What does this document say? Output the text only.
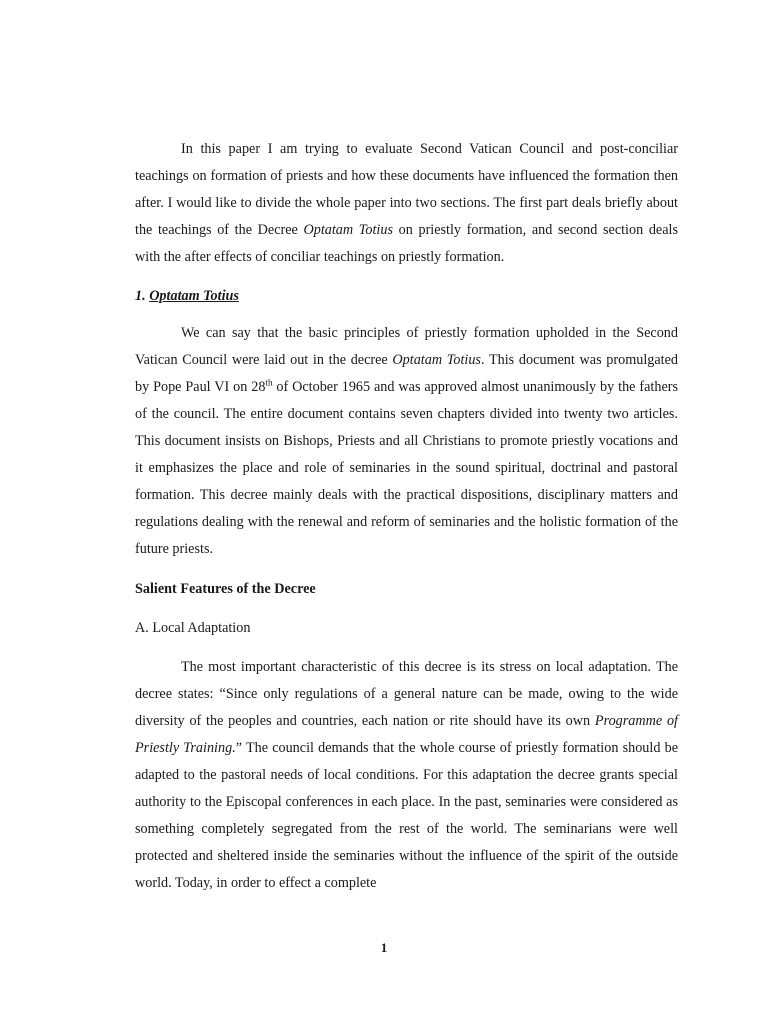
In this paper I am trying to evaluate Second Vatican Council and post-conciliar teachings on formation of priests and how these documents have influenced the formation then after. I would like to divide the whole paper into two sections. The first part deals briefly about the teachings of the Decree Optatam Totius on priestly formation, and second section deals with the after effects of conciliar teachings on priestly formation.

1. Optatam Totius

We can say that the basic principles of priestly formation upholded in the Second Vatican Council were laid out in the decree Optatam Totius. This document was promulgated by Pope Paul VI on 28th of October 1965 and was approved almost unanimously by the fathers of the council. The entire document contains seven chapters divided into twenty two articles. This document insists on Bishops, Priests and all Christians to promote priestly vocations and it emphasizes the place and role of seminaries in the sound spiritual, doctrinal and pastoral formation. This decree mainly deals with the practical dispositions, disciplinary matters and regulations dealing with the renewal and reform of seminaries and the holistic formation of the future priests.

Salient Features of the Decree
A. Local Adaptation

The most important characteristic of this decree is its stress on local adaptation. The decree states: “Since only regulations of a general nature can be made, owing to the wide diversity of the peoples and countries, each nation or rite should have its own Programme of Priestly Training.” The council demands that the whole course of priestly formation should be adapted to the pastoral needs of local conditions. For this adaptation the decree grants special authority to the Episcopal conferences in each place. In the past, seminaries were considered as something completely segregated from the rest of the world. The seminarians were well protected and sheltered inside the seminaries without the influence of the spirit of the outside world. Today, in order to effect a complete

1
